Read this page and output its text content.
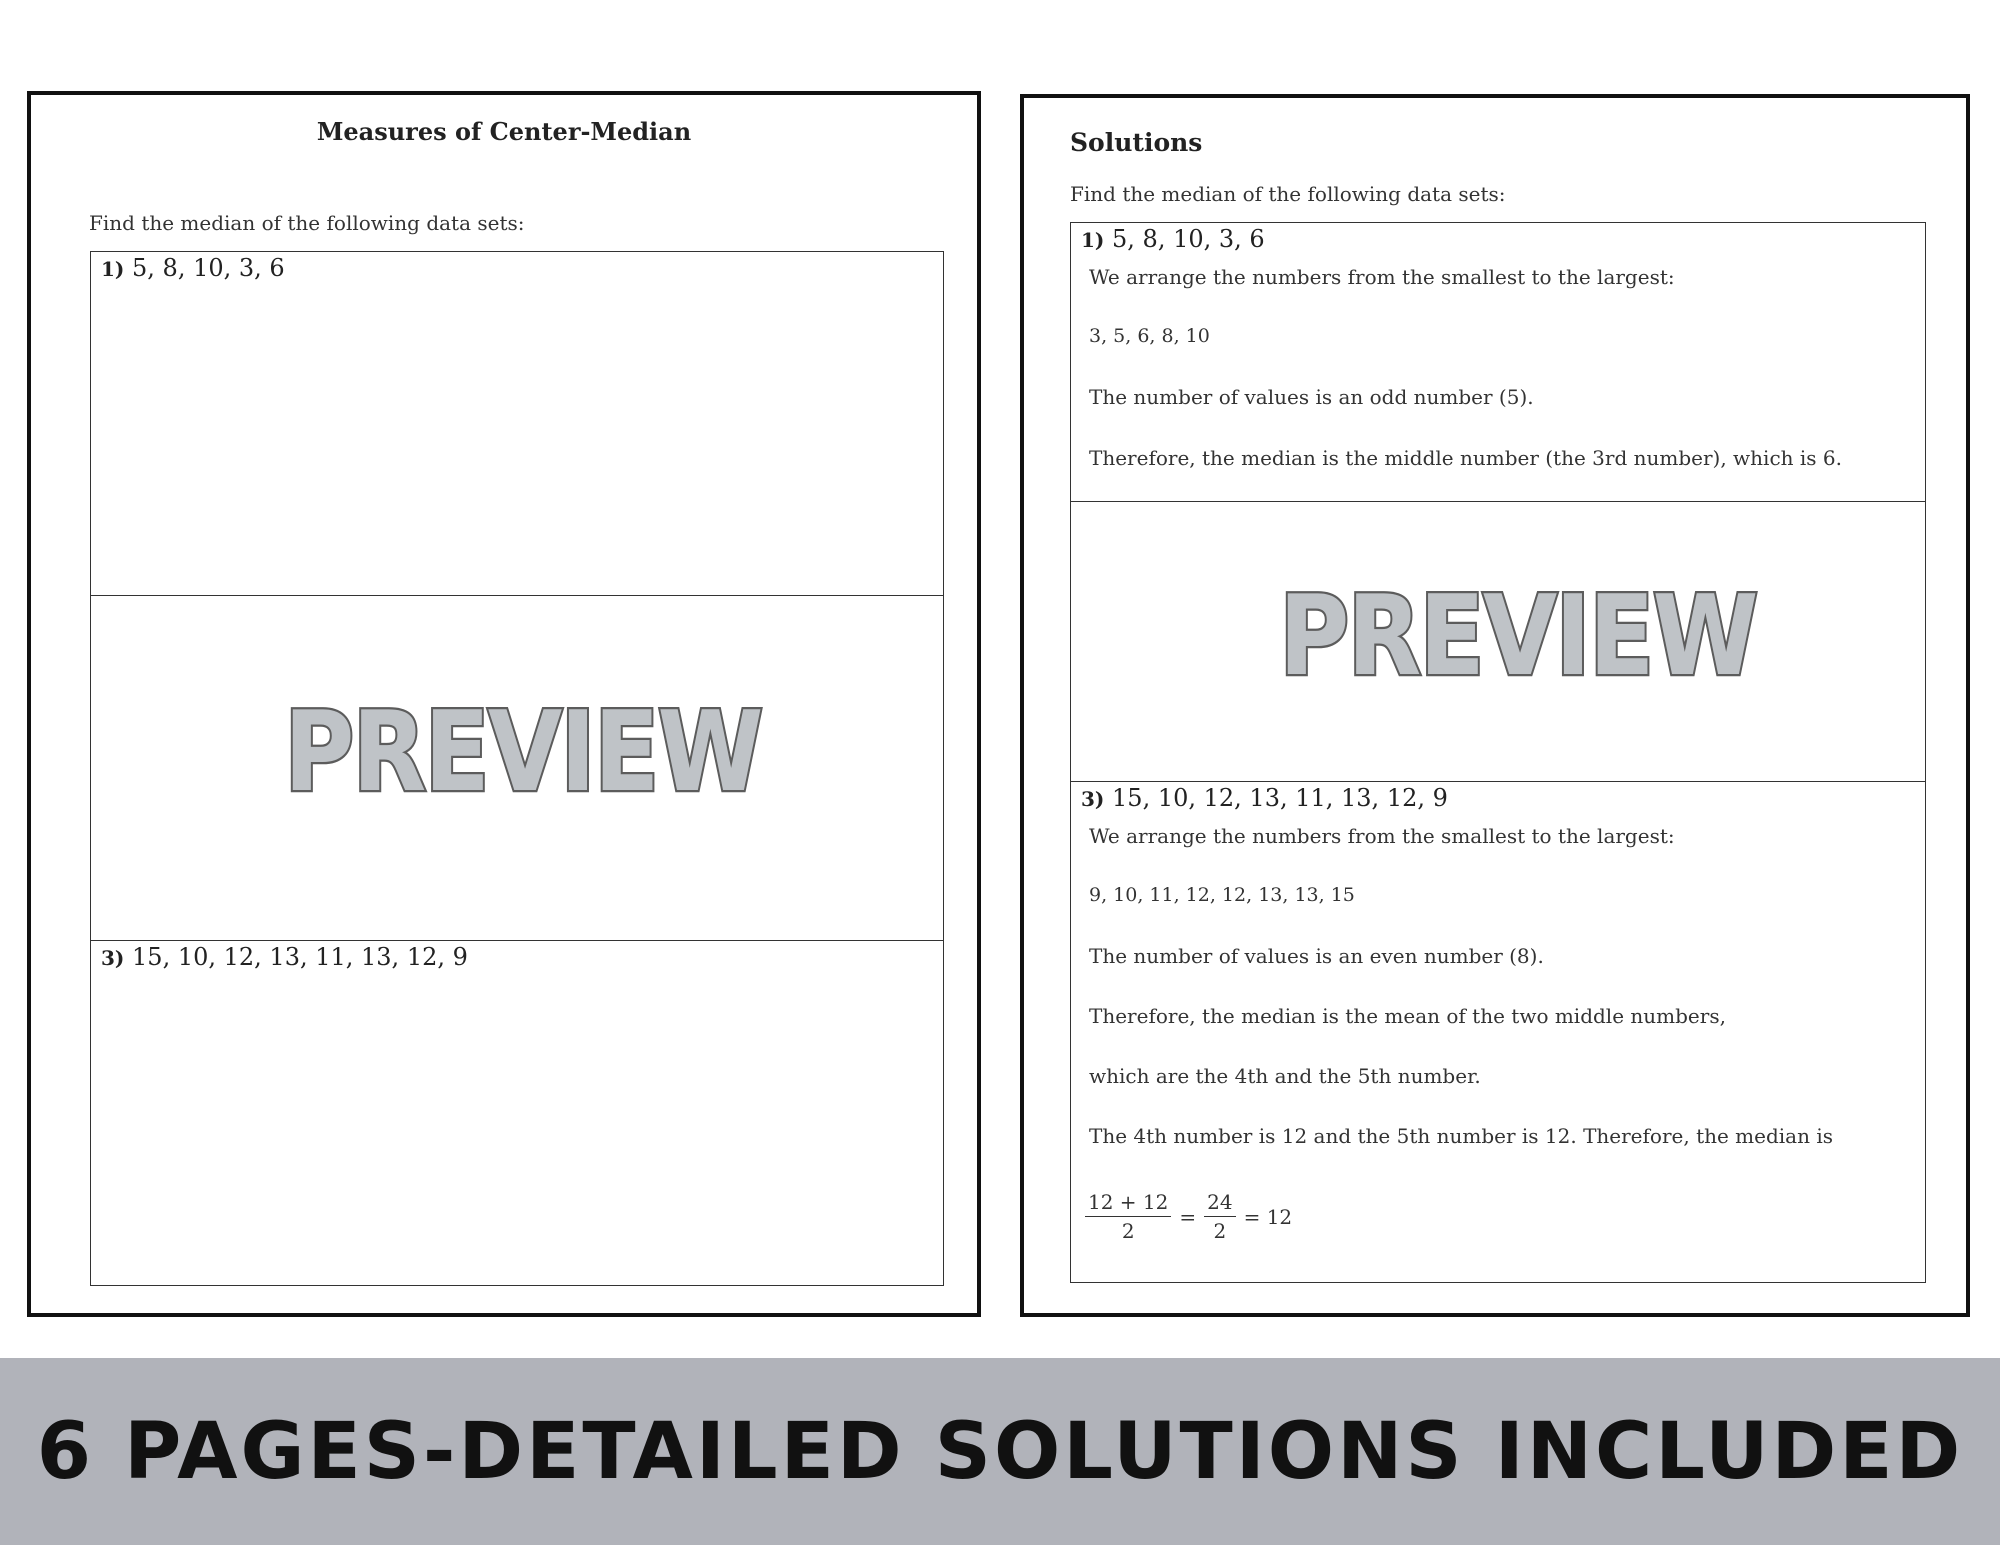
Measures of Center-Median
Find the median of the following data sets:
1) 5, 8, 10, 3, 6
PREVIEW
3) 15, 10, 12, 13, 11, 13, 12, 9
Solutions
Find the median of the following data sets:
1) 5, 8, 10, 3, 6
We arrange the numbers from the smallest to the largest:
3, 5, 6, 8, 10
The number of values is an odd number (5).
Therefore, the median is the middle number (the 3rd number), which is 6.
PREVIEW
3) 15, 10, 12, 13, 11, 13, 12, 9
We arrange the numbers from the smallest to the largest:
9, 10, 11, 12, 12, 13, 13, 15
The number of values is an even number (8).
Therefore, the median is the mean of the two middle numbers,
which are the 4th and the 5th number.
The 4th number is 12 and the 5th number is 12. Therefore, the median is
$\frac{12 + 12}{2} = \frac{24}{2} = 12$
6 PAGES-DETAILED SOLUTIONS INCLUDED
